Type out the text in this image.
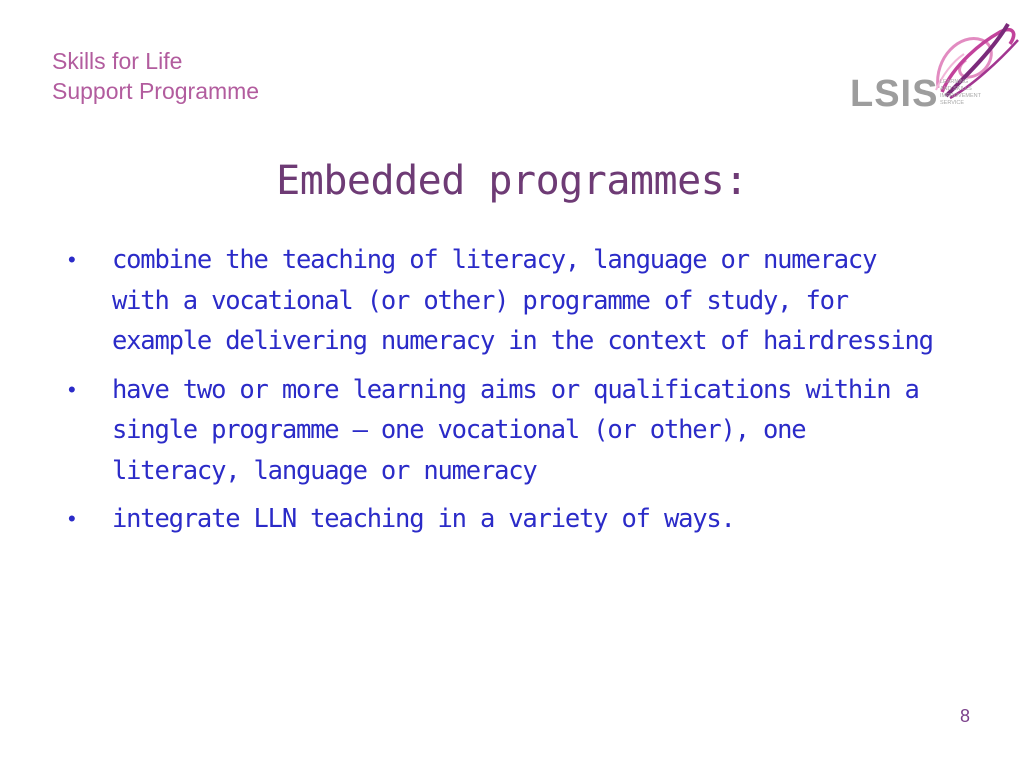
Skills for Life
Support Programme	LSIS LEARNING
AND SKILLS
IMPROVEMENT
SERVICE
Embedded programmes:
• combine the teaching of literacy, language or numeracy with a vocational (or other) programme of study, for example delivering numeracy in the context of hairdressing
• have two or more learning aims or qualifications within a single programme – one vocational (or other), one literacy, language or numeracy
• integrate LLN teaching in a variety of ways.
8
